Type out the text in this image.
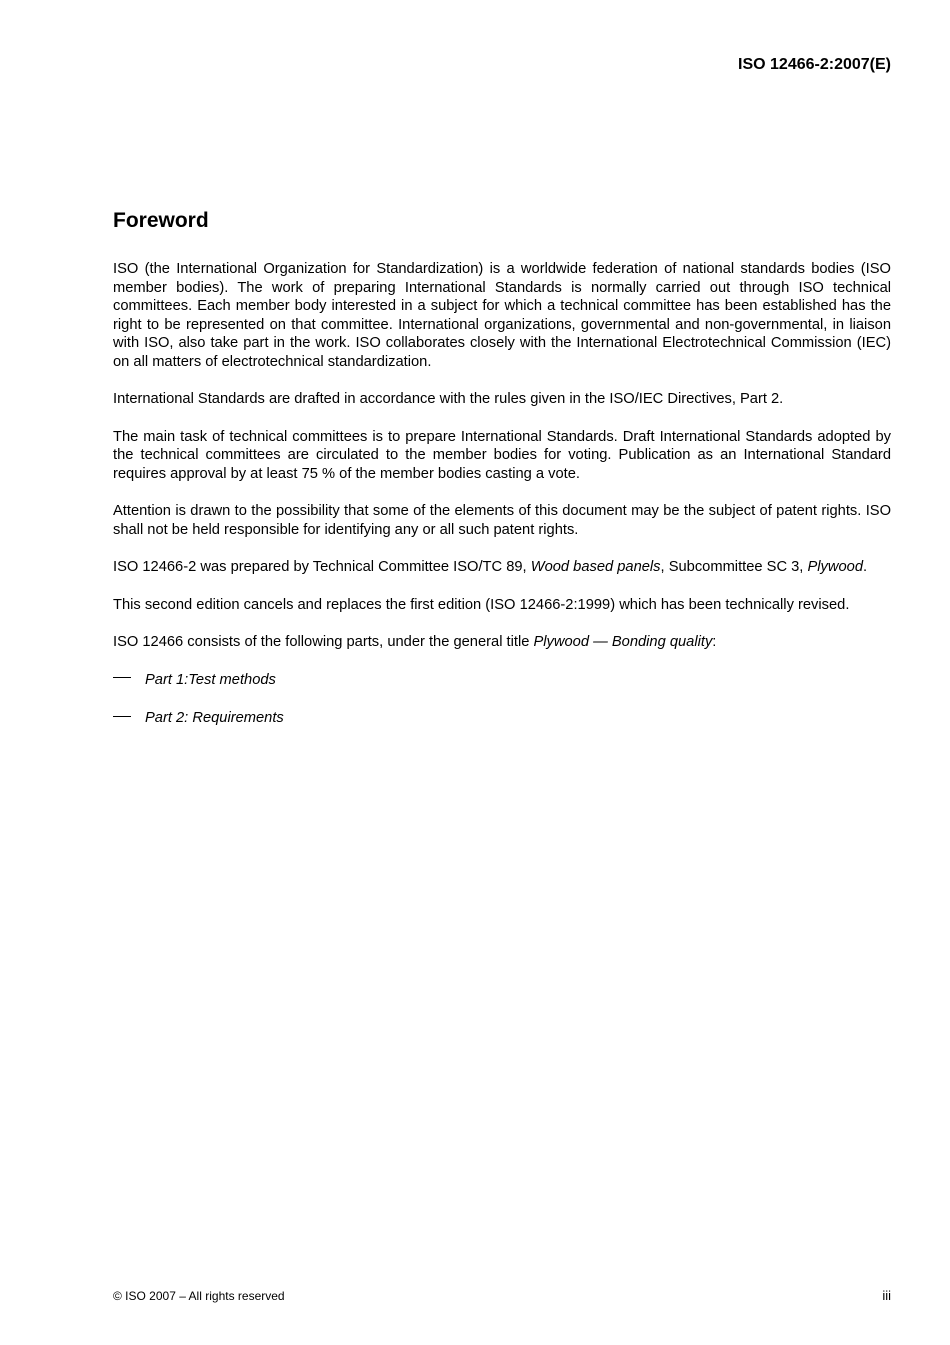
ISO 12466-2:2007(E)
Foreword

ISO (the International Organization for Standardization) is a worldwide federation of national standards bodies (ISO member bodies). The work of preparing International Standards is normally carried out through ISO technical committees. Each member body interested in a subject for which a technical committee has been established has the right to be represented on that committee. International organizations, governmental and non-governmental, in liaison with ISO, also take part in the work. ISO collaborates closely with the International Electrotechnical Commission (IEC) on all matters of electrotechnical standardization.

International Standards are drafted in accordance with the rules given in the ISO/IEC Directives, Part 2.

The main task of technical committees is to prepare International Standards. Draft International Standards adopted by the technical committees are circulated to the member bodies for voting. Publication as an International Standard requires approval by at least 75 % of the member bodies casting a vote.

Attention is drawn to the possibility that some of the elements of this document may be the subject of patent rights. ISO shall not be held responsible for identifying any or all such patent rights.

ISO 12466-2 was prepared by Technical Committee ISO/TC 89, Wood based panels, Subcommittee SC 3, Plywood.

This second edition cancels and replaces the first edition (ISO 12466-2:1999) which has been technically revised.

ISO 12466 consists of the following parts, under the general title Plywood — Bonding quality:

Part 1:Test methods
Part 2: Requirements
© ISO 2007 – All rights reserved	iii
